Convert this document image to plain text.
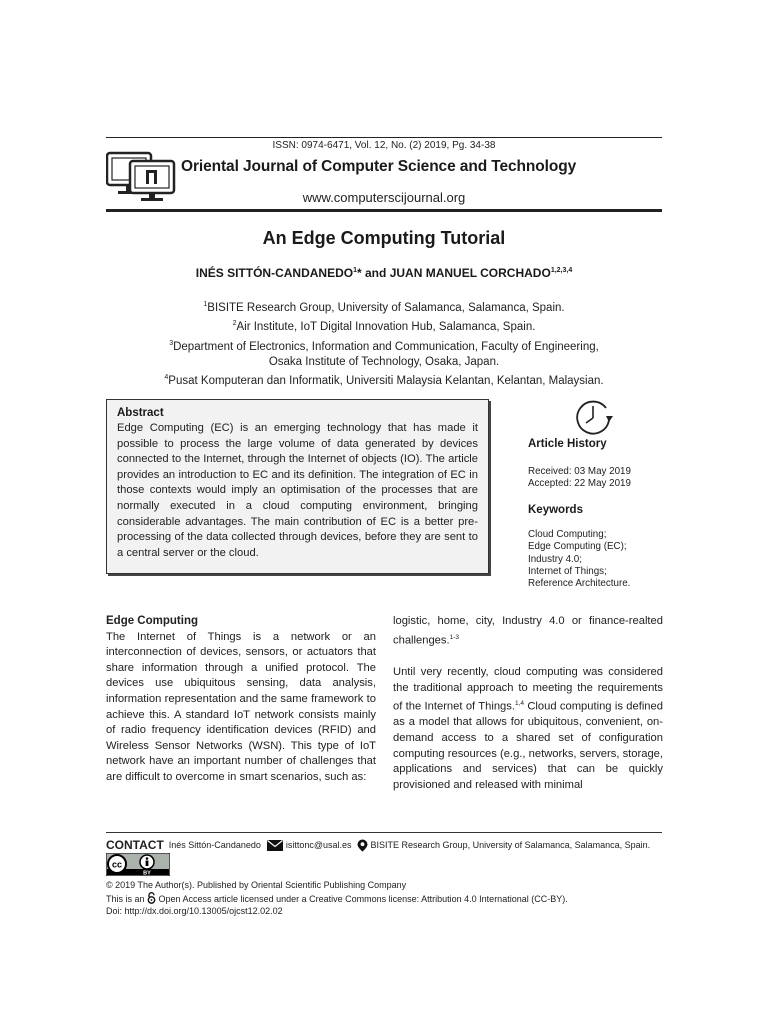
ISSN: 0974-6471, Vol. 12, No. (2) 2019, Pg. 34-38
Oriental Journal of Computer Science and Technology
www.computerscijournal.org
An Edge Computing Tutorial
INÉS SITTÓN-CANDANEDO$^1$* and JUAN MANUEL CORCHADO$^{1,2,3,4}$
$^1$BISITE Research Group, University of Salamanca, Salamanca, Spain.
$^2$Air Institute, IoT Digital Innovation Hub, Salamanca, Spain.
$^3$Department of Electronics, Information and Communication, Faculty of Engineering,
Osaka Institute of Technology, Osaka, Japan.
$^4$Pusat Komputeran dan Informatik, Universiti Malaysia Kelantan, Kelantan, Malaysian.
Abstract
Edge Computing (EC) is an emerging technology that has made it possible to process the large volume of data generated by devices connected to the Internet, through the Internet of objects (IO). The article provides an introduction to EC and its definition. The integration of EC in those contexts would imply an optimisation of the processes that are normally executed in a cloud computing environment, bringing considerable advantages. The main contribution of EC is a better pre-processing of the data collected through devices, before they are sent to a central server or the cloud.
Article History
Received: 03 May 2019
Accepted: 22 May 2019
Keywords
Cloud Computing;
Edge Computing (EC);
Industry 4.0;
Internet of Things;
Reference Architecture.
Edge Computing
The Internet of Things is a network or an interconnection of devices, sensors, or actuators that share information through a unified protocol. The devices use ubiquitous sensing, data analysis, information representation and the same framework to achieve this. A standard IoT network consists mainly of radio frequency identification devices (RFID) and Wireless Sensor Networks (WSN). This type of IoT network have an important number of challenges that are difficult to overcome in smart scenarios, such as:
logistic, home, city, Industry 4.0 or finance-realted challenges.$^{1-3}$
Until very recently, cloud computing was considered the traditional approach to meeting the requirements of the Internet of Things.$^{1,4}$ Cloud computing is defined as a model that allows for ubiquitous, convenient, on-demand access to a shared set of configuration computing resources (e.g., networks, servers, storage, applications and services) that can be quickly provisioned and released with minimal
CONTACT Inés Sittón-Candanedo	isittonc@usal.es BISITE Research Group, University of Salamanca, Salamanca, Spain.
cc
BY
© 2019 The Author(s). Published by Oriental Scientific Publishing Company
This is an  Open Access article licensed under a Creative Commons license: Attribution 4.0 International (CC-BY).
Doi: http://dx.doi.org/10.13005/ojcst12.02.02
